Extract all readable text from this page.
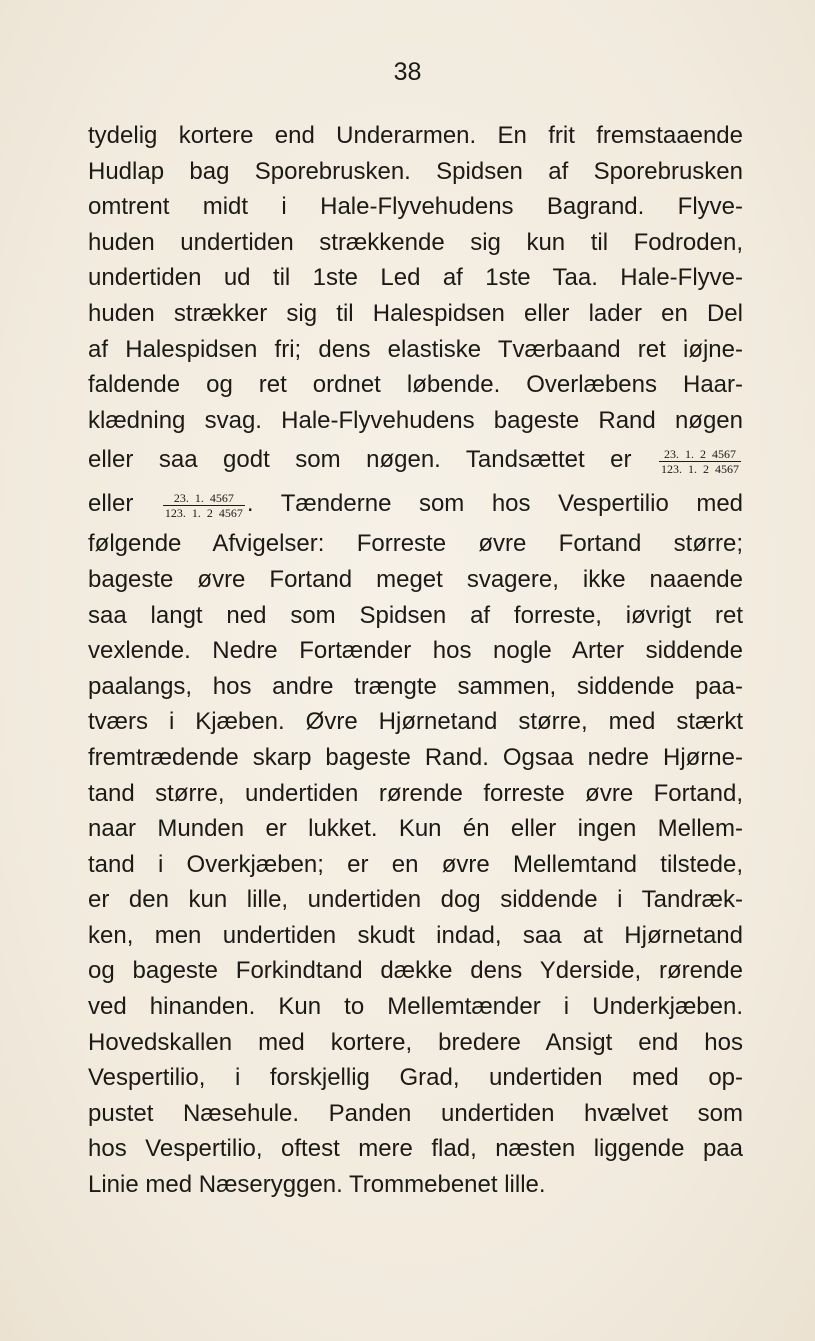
38
tydelig kortere end Underarmen. En frit fremstaaende
Hudlap bag Sporebrusken. Spidsen af Sporebrusken
omtrent midt i Hale-Flyvehudens Bagrand. Flyve-
huden undertiden strækkende sig kun til Fodroden,
undertiden ud til 1ste Led af 1ste Taa. Hale-Flyve-
huden strækker sig til Halespidsen eller lader en Del
af Halespidsen fri; dens elastiske Tværbaand ret iøjne-
faldende og ret ordnet løbende. Overlæbens Haar-
klædning svag. Hale-Flyvehudens bageste Rand nøgen
eller saa godt som nøgen. Tandsættet er $\frac{23. 1. 2 4567}{123. 1. 2 4567}$
eller $\frac{23. 1. 4567}{123. 1. 2 4567}$ . Tænderne som hos Vespertilio med
følgende Afvigelser: Forreste øvre Fortand større;
bageste øvre Fortand meget svagere, ikke naaende
saa langt ned som Spidsen af forreste, iøvrigt ret
vexlende. Nedre Fortænder hos nogle Arter siddende
paalangs, hos andre trængte sammen, siddende paa-
tværs i Kjæben. Øvre Hjørnetand større, med stærkt
fremtrædende skarp bageste Rand. Ogsaa nedre Hjørne-
tand større, undertiden rørende forreste øvre Fortand,
naar Munden er lukket. Kun én eller ingen Mellem-
tand i Overkjæben; er en øvre Mellemtand tilstede,
er den kun lille, undertiden dog siddende i Tandræk-
ken, men undertiden skudt indad, saa at Hjørnetand
og bageste Forkindtand dække dens Yderside, rørende
ved hinanden. Kun to Mellemtænder i Underkjæben.
Hovedskallen med kortere, bredere Ansigt end hos
Vespertilio, i forskjellig Grad, undertiden med op-
pustet Næsehule. Panden undertiden hvælvet som
hos Vespertilio, oftest mere flad, næsten liggende paa
Linie med Næseryggen. Trommebenet lille.
